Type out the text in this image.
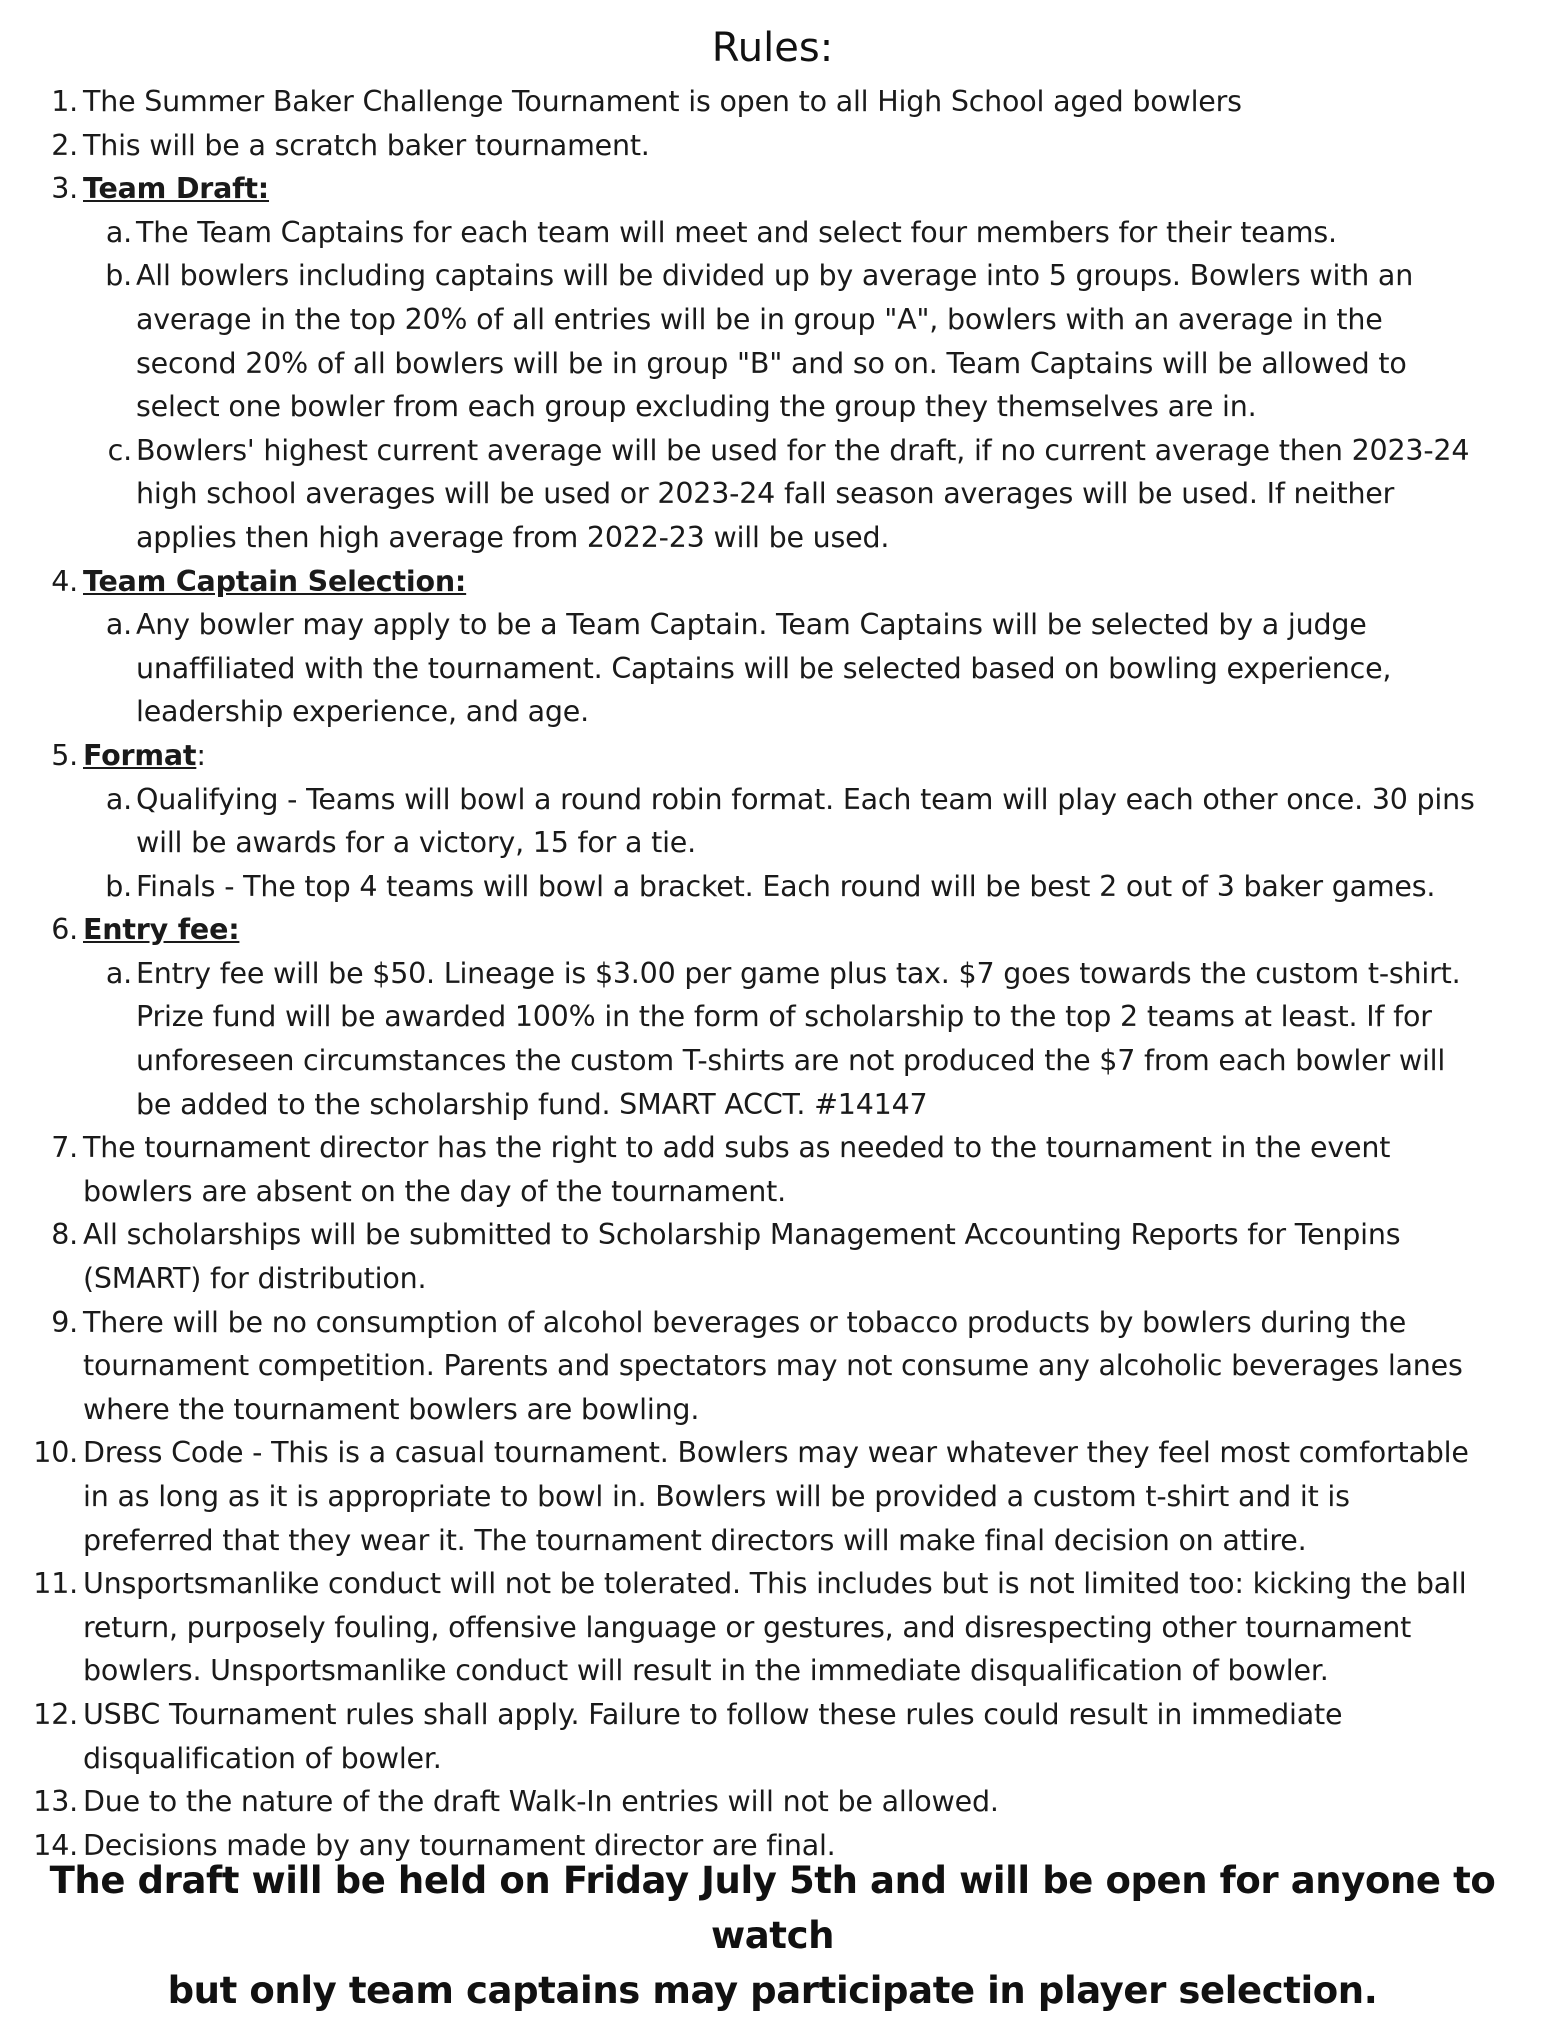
Rules:
1. The Summer Baker Challenge Tournament is open to all High School aged bowlers
2. This will be a scratch baker tournament.
3. Team Draft:
a. The Team Captains for each team will meet and select four members for their teams.
b. All bowlers including captains will be divided up by average into 5 groups. Bowlers with an
average in the top 20% of all entries will be in group "A", bowlers with an average in the
second 20% of all bowlers will be in group "B" and so on. Team Captains will be allowed to
select one bowler from each group excluding the group they themselves are in.
c. Bowlers' highest current average will be used for the draft, if no current average then 2023-24
high school averages will be used or 2023-24 fall season averages will be used. If neither
applies then high average from 2022-23 will be used.
4. Team Captain Selection:
a. Any bowler may apply to be a Team Captain. Team Captains will be selected by a judge
unaffiliated with the tournament. Captains will be selected based on bowling experience,
leadership experience, and age.
5. Format:
a. Qualifying - Teams will bowl a round robin format. Each team will play each other once. 30 pins
will be awards for a victory, 15 for a tie.
b. Finals - The top 4 teams will bowl a bracket. Each round will be best 2 out of 3 baker games.
6. Entry fee:
a. Entry fee will be $50. Lineage is $3.00 per game plus tax. $7 goes towards the custom t-shirt.
Prize fund will be awarded 100% in the form of scholarship to the top 2 teams at least. If for
unforeseen circumstances the custom T-shirts are not produced the $7 from each bowler will
be added to the scholarship fund. SMART ACCT. #14147
7. The tournament director has the right to add subs as needed to the tournament in the event
bowlers are absent on the day of the tournament.
8. All scholarships will be submitted to Scholarship Management Accounting Reports for Tenpins
(SMART) for distribution.
9. There will be no consumption of alcohol beverages or tobacco products by bowlers during the
tournament competition. Parents and spectators may not consume any alcoholic beverages lanes
where the tournament bowlers are bowling.
10. Dress Code - This is a casual tournament. Bowlers may wear whatever they feel most comfortable
in as long as it is appropriate to bowl in. Bowlers will be provided a custom t-shirt and it is
preferred that they wear it. The tournament directors will make final decision on attire.
11. Unsportsmanlike conduct will not be tolerated. This includes but is not limited too: kicking the ball
return, purposely fouling, offensive language or gestures, and disrespecting other tournament
bowlers. Unsportsmanlike conduct will result in the immediate disqualification of bowler.
12. USBC Tournament rules shall apply. Failure to follow these rules could result in immediate
disqualification of bowler.
13. Due to the nature of the draft Walk-In entries will not be allowed.
14. Decisions made by any tournament director are final.
The draft will be held on Friday July 5th and will be open for anyone to watch
but only team captains may participate in player selection.
